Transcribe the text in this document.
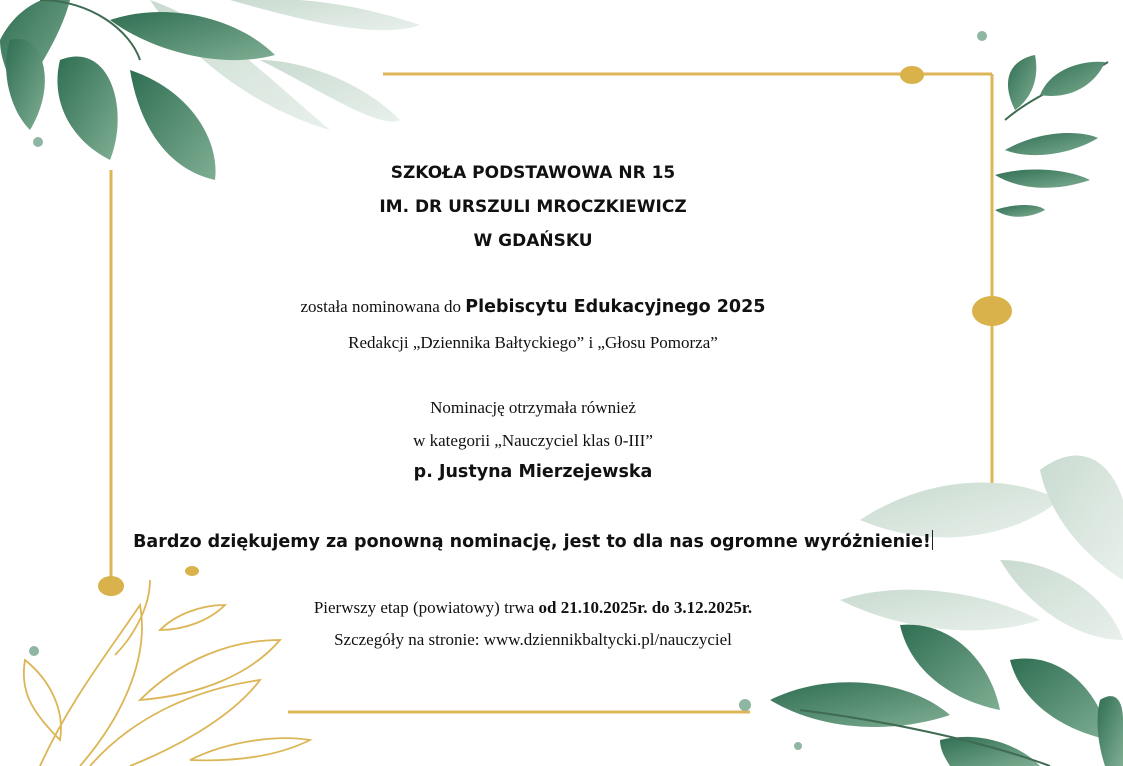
SZKOŁA PODSTAWOWA NR 15
IM. DR URSZULI MROCZKIEWICZ
W GDAŃSKU
została nominowana do Plebiscytu Edukacyjnego 2025
Redakcji „Dziennika Bałtyckiego” i „Głosu Pomorza”
Nominację otrzymała również
w kategorii „Nauczyciel klas 0-III”
p. Justyna Mierzejewska
Bardzo dziękujemy za ponowną nominację, jest to dla nas ogromne wyróżnienie!
Pierwszy etap (powiatowy) trwa od 21.10.2025r. do 3.12.2025r.
Szczegóły na stronie: www.dziennikbaltycki.pl/nauczyciel
